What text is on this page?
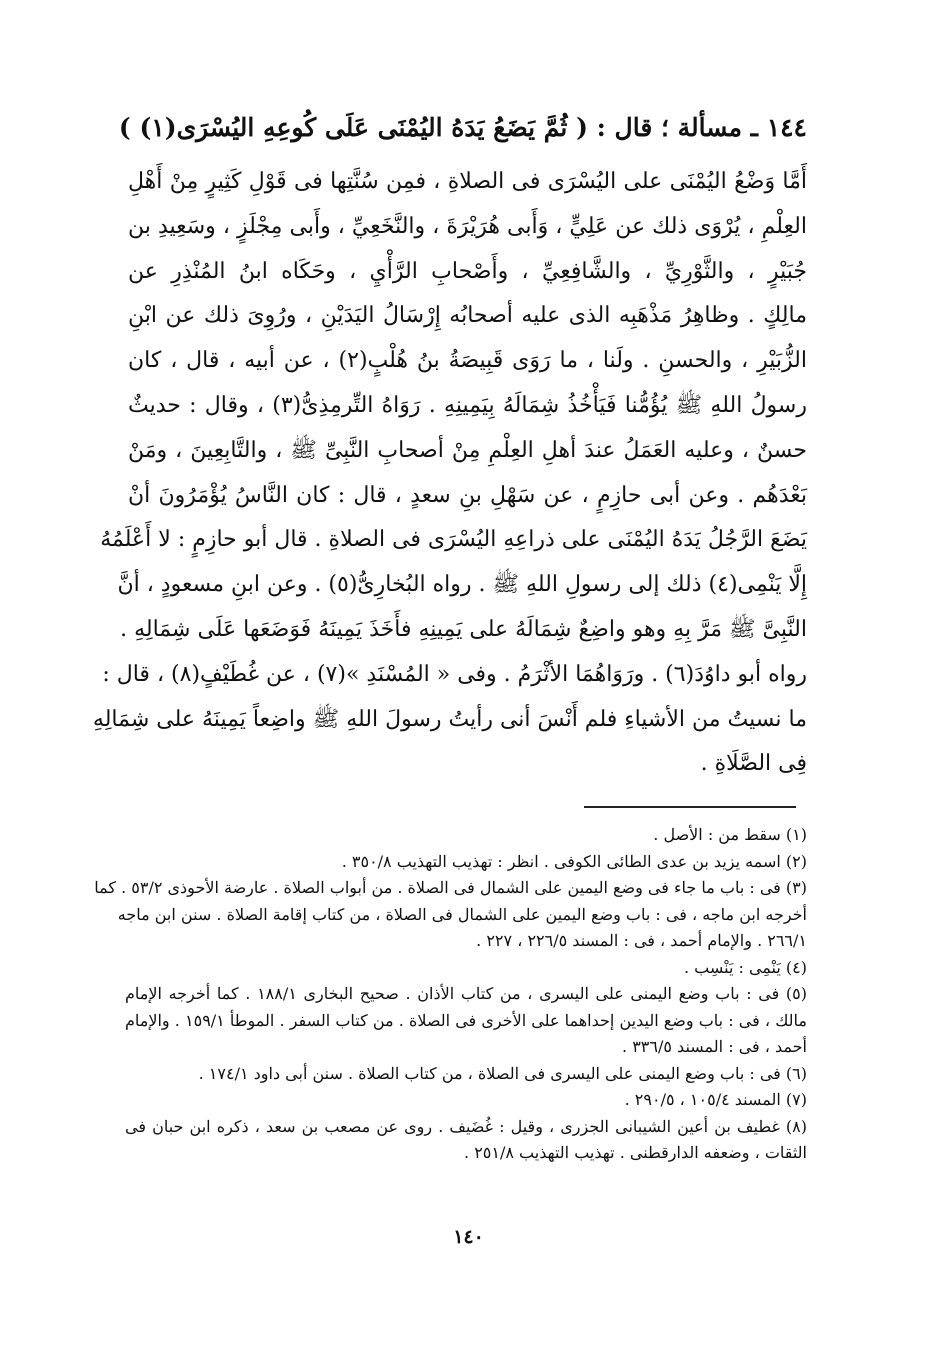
١٤٤ ـ مسألة ؛ قال : ( ثُمَّ يَضَعُ يَدَهُ اليُمْنَى عَلَى كُوعِهِ اليُسْرَى(١) )
أَمَّا وَضْعُ اليُمْنَى على اليُسْرَى فى الصلاةِ ، فمِن سُنَّتِها فى قَوْلِ كَثِيرٍ مِنْ أَهْلِ
العِلْمِ ، يُرْوَى ذلك عن عَلِيٍّ ، وَأَبى هُرَيْرَةَ ، والنَّخَعِيِّ ، وأَبى مِجْلَزٍ ، وسَعِيدِ بن
جُبَيْرٍ ، والثَّوْرِيِّ ، والشَّافِعِيِّ ، وأَصْحابِ الرَّأْيِ ، وحَكَاه ابنُ المُنْذِرِ عن
مالِكٍ . وظاهِرُ مَذْهَبِه الذى عليه أصحابُه إِرْسَالُ اليَدَيْنِ ، ورُوِىَ ذلك عن ابْنِ
الزُّبَيْرِ ، والحسنِ . ولَنا ، ما رَوَى قَبِيصَةُ بنُ هُلْبٍ(٢) ، عن أبيه ، قال ، كان
رسولُ اللهِ ﷺ يُؤُمُّنا فَيَأْخُذُ شِمَالَهُ بِيَمِينِهِ . رَوَاهُ التِّرمِذِىُّ(٣) ، وقال : حديثٌ
حسنٌ ، وعليه العَمَلُ عندَ أهلِ العِلْمِ مِنْ أصحابِ النَّبِىِّ ﷺ ، والتَّابِعِينَ ، ومَنْ
بَعْدَهُم . وعن أبى حازِمٍ ، عن سَهْلِ بنِ سعدٍ ، قال : كان النَّاسُ يُؤْمَرُونَ أنْ
يَضَعَ الرَّجُلُ يَدَهُ اليُمْنَى على ذراعِهِ اليُسْرَى فى الصلاةِ . قال أبو حازِمٍ : لا أَعْلَمُهُ
إِلَّا يَنْمِى(٤) ذلك إلى رسولِ اللهِ ﷺ . رواه البُخارِىُّ(٥) . وعن ابنِ مسعودٍ ، أنَّ
النَّبِىَّ ﷺ مَرَّ بِهِ وهو واضِعٌ شِمَالَهُ على يَمِينِهِ فأَخَذَ يَمِينَهُ فَوَضَعَها عَلَى شِمَالِهِ .
رواه أبو داوُدَ(٦) . ورَوَاهُمَا الأثْرَمُ . وفى « المُسْنَدِ »(٧) ، عن غُطَيْفٍ(٨) ، قال :
ما نسيتُ من الأشياءِ فلم أَنْسَ أنى رأيتُ رسولَ اللهِ ﷺ واضِعاً يَمِينَهُ على شِمَالِهِ
فِى الصَّلَاةِ .
(١) سقط من : الأصل .
(٢) اسمه يزيد بن عدى الطائى الكوفى . انظر : تهذيب التهذيب ٣٥٠/٨ .
(٣) فى : باب ما جاء فى وضع اليمين على الشمال فى الصلاة . من أبواب الصلاة . عارضة الأحوذى ٥٣/٢ . كما
أخرجه ابن ماجه ، فى : باب وضع اليمين على الشمال فى الصلاة ، من كتاب إقامة الصلاة . سنن ابن ماجه
٢٦٦/١ . والإمام أحمد ، فى : المسند ٢٢٦/٥ ، ٢٢٧ .
(٤) يَنْمِى : يَنْسِب .
(٥) فى : باب وضع اليمنى على اليسرى ، من كتاب الأذان . صحيح البخارى ١٨٨/١ . كما أخرجه الإمام
مالك ، فى : باب وضع اليدين إحداهما على الأخرى فى الصلاة . من كتاب السفر . الموطأ ١٥٩/١ . والإمام
أحمد ، فى : المسند ٣٣٦/٥ .
(٦) فى : باب وضع اليمنى على اليسرى فى الصلاة ، من كتاب الصلاة . سنن أبى داود ١٧٤/١ .
(٧) المسند ١٠٥/٤ ، ٢٩٠/٥ .
(٨) غطيف بن أعين الشيبانى الجزرى ، وقيل : غُضَيف . روى عن مصعب بن سعد ، ذكره ابن حبان فى
الثقات ، وضعفه الدارقطنى . تهذيب التهذيب ٢٥١/٨ .
١٤٠
